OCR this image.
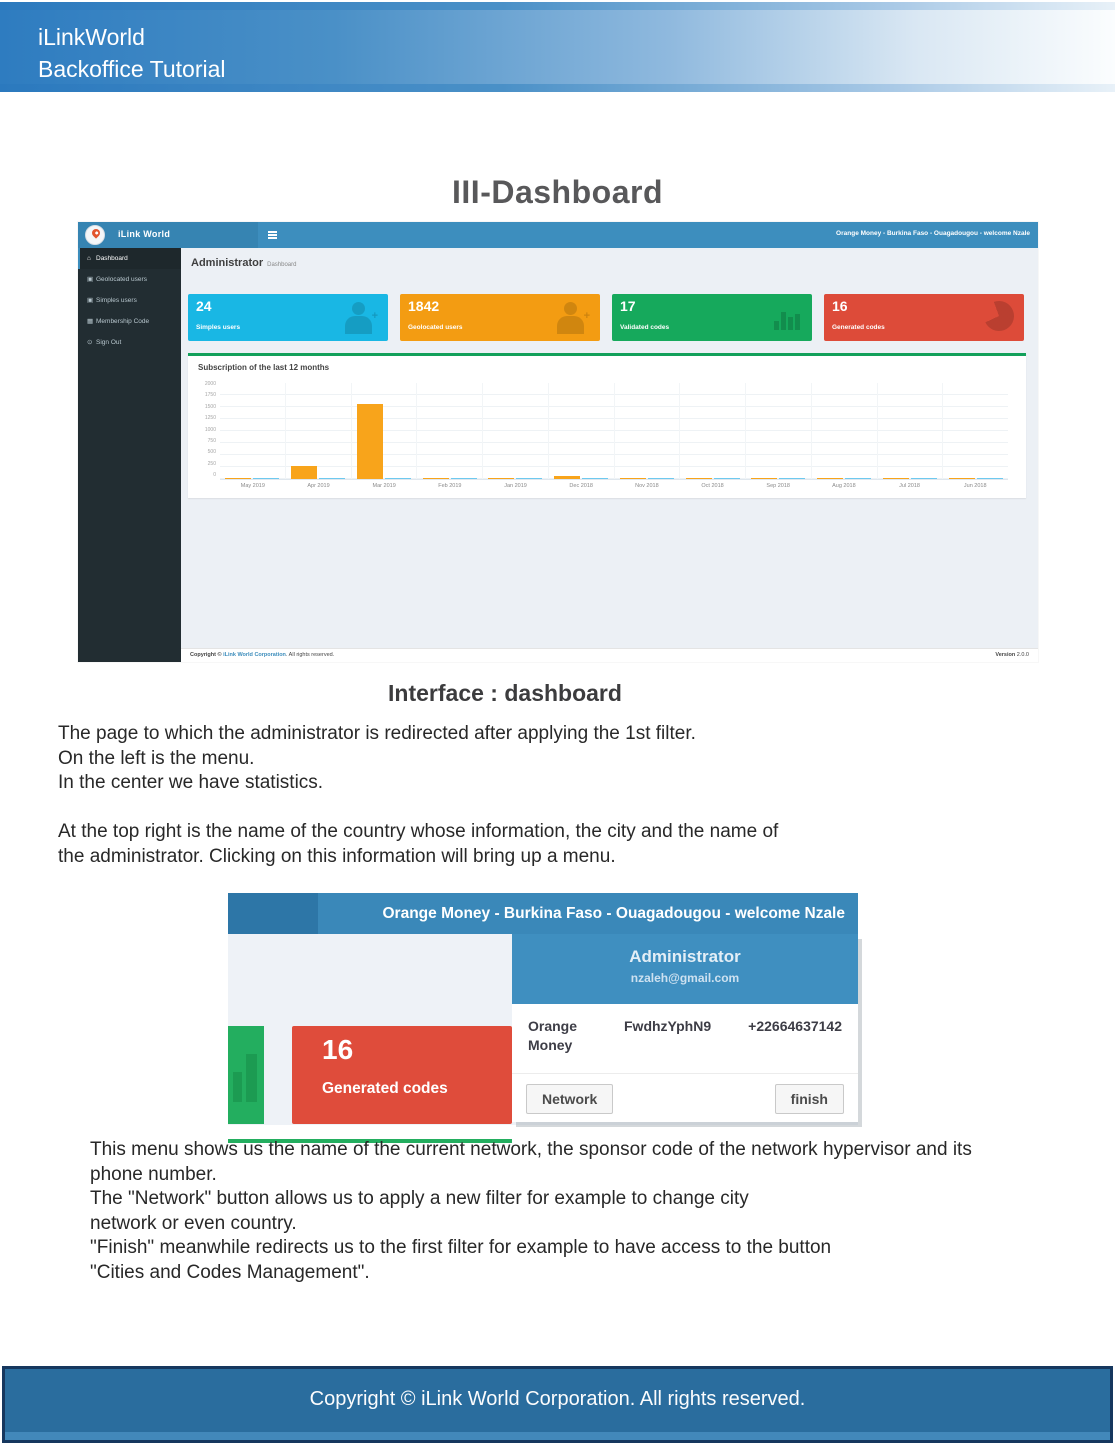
iLinkWorld
Backoffice Tutorial
III-Dashboard
iLink World	Orange Money - Burkina Faso - Ouagadougou - welcome Nzale
⌂ Dashboard
▣ Geolocated users
▣ Simples users
▦ Membership Code
⊙ Sign Out
Administrator Dashboard
24
Simples users
+
1842
Geolocated users
+
17
Validated codes
16
Generated codes
Subscription of the last 12 months
2000
1750
1500
1250
1000
750
500
250
0
May 2019	Apr 2019	Mar 2019	Feb 2019	Jan 2019	Dec 2018	Nov 2018	Oct 2018	Sep 2018	Aug 2018	Jul 2018	Jun 2018
Copyright © iLink World Corporation. All rights reserved.	Version 2.0.0
Interface : dashboard

The page to which the administrator is redirected after applying the 1st filter.

On the left is the menu.

In the center we have statistics.

At the top right is the name of the country whose information, the city and the name of

the administrator. Clicking on this information will bring up a menu.

Orange Money - Burkina Faso - Ouagadougou - welcome Nzale
16
Generated codes
Administrator
nzaleh@gmail.com
Orange Money
FwdhzYphN9	+22664637142
Network	finish

This menu shows us the name of the current network, the sponsor code of the network hypervisor and its

phone number.

The "Network" button allows us to apply a new filter for example to change city

network or even country.

"Finish" meanwhile redirects us to the first filter for example to have access to the button

"Cities and Codes Management".

Copyright © iLink World Corporation. All rights reserved.
